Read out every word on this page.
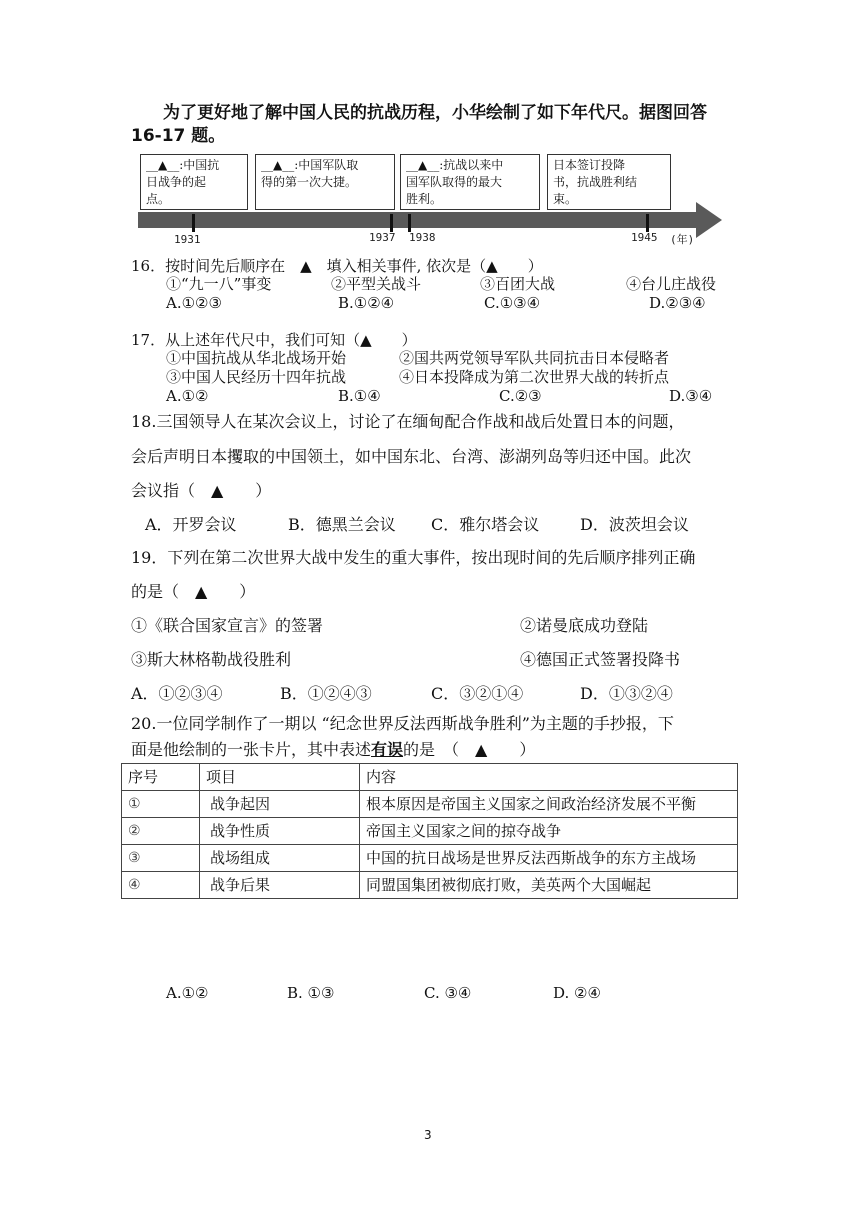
为了更好地了解中国人民的抗战历程，小华绘制了如下年代尺。据图回答
16-17 题。
1931	1937 1938	1945 (年)
__▲__:中国抗
日战争的起
点。
__▲__:中国军队取
得的第一次大捷。
__▲__:抗战以来中
国军队取得的最大
胜利。
日本签订投降
书，抗战胜利结
束。
16．按时间先后顺序在　▲　填入相关事件, 依次是（▲　　）
①“九一八”事变	②平型关战斗	③百团大战	④台儿庄战役
A.①②③	B.①②④	C.①③④	D.②③④
17．从上述年代尺中，我们可知（▲　　）
①中国抗战从华北战场开始	②国共两党领导军队共同抗击日本侵略者
③中国人民经历十四年抗战	④日本投降成为第二次世界大战的转折点
A.①②	B.①④	C.②③	D.③④
18.三国领导人在某次会议上，讨论了在缅甸配合作战和战后处置日本的问题，
会后声明日本攫取的中国领土，如中国东北、台湾、澎湖列岛等归还中国。此次
会议指（　▲　　）
A．开罗会议	B．德黑兰会议 C．雅尔塔会议	D．波茨坦会议
19．下列在第二次世界大战中发生的重大事件，按出现时间的先后顺序排列正确
的是（　▲　　）
①《联合国家宣言》的签署	②诺曼底成功登陆
③斯大林格勒战役胜利	④德国正式签署投降书
A．①②③④	B．①②④③	C．③②①④	D．①③②④
20.一位同学制作了一期以 “纪念世界反法西斯战争胜利”为主题的手抄报，下
面是他绘制的一张卡片，其中表述有误的是　（　▲　　）
序号	项目	内容
①	战争起因	根本原因是帝国主义国家之间政治经济发展不平衡
②	战争性质	帝国主义国家之间的掠夺战争
③	战场组成	中国的抗日战场是世界反法西斯战争的东方主战场
④	战争后果	同盟国集团被彻底打败，美英两个大国崛起
A.①②	B. ①③	C. ③④	D. ②④
3
